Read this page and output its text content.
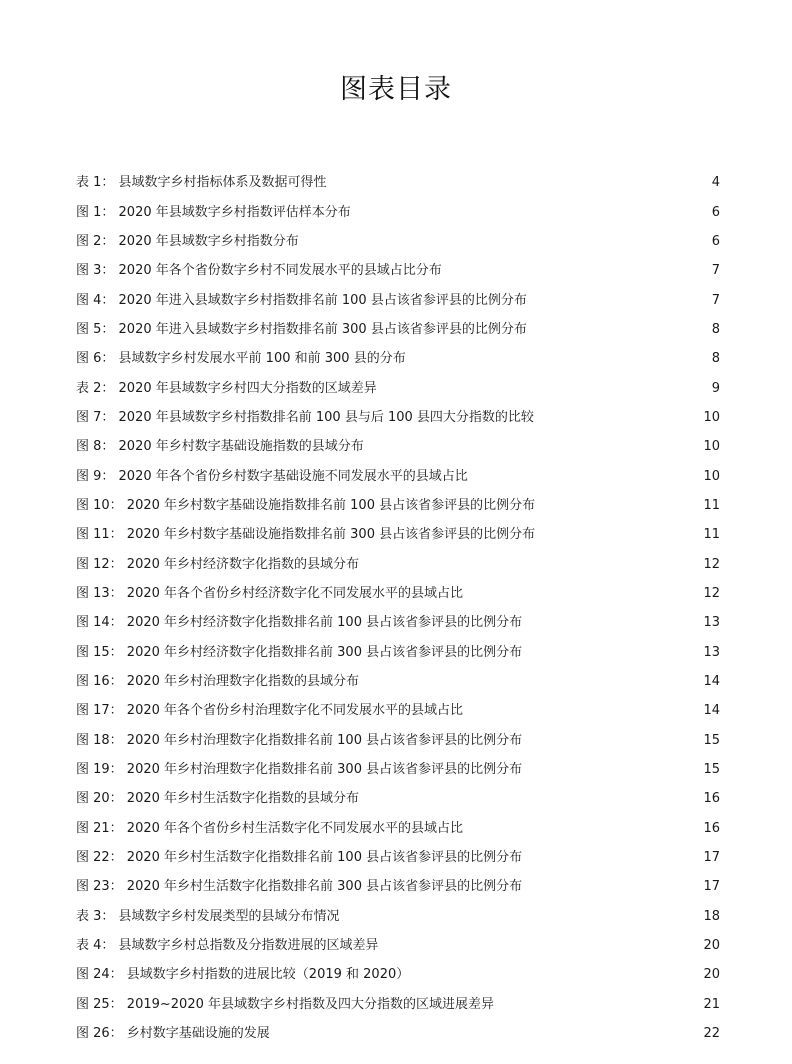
图表目录
表 1： 县域数字乡村指标体系及数据可得性	4
图 1： 2020 年县域数字乡村指数评估样本分布	6
图 2： 2020 年县域数字乡村指数分布	6
图 3： 2020 年各个省份数字乡村不同发展水平的县域占比分布	7
图 4： 2020 年进入县域数字乡村指数排名前 100 县占该省参评县的比例分布	7
图 5： 2020 年进入县域数字乡村指数排名前 300 县占该省参评县的比例分布	8
图 6： 县域数字乡村发展水平前 100 和前 300 县的分布	8
表 2： 2020 年县域数字乡村四大分指数的区域差异	9
图 7： 2020 年县域数字乡村指数排名前 100 县与后 100 县四大分指数的比较	10
图 8： 2020 年乡村数字基础设施指数的县域分布	10
图 9： 2020 年各个省份乡村数字基础设施不同发展水平的县域占比	10
图 10： 2020 年乡村数字基础设施指数排名前 100 县占该省参评县的比例分布	11
图 11： 2020 年乡村数字基础设施指数排名前 300 县占该省参评县的比例分布	11
图 12： 2020 年乡村经济数字化指数的县域分布	12
图 13： 2020 年各个省份乡村经济数字化不同发展水平的县域占比	12
图 14： 2020 年乡村经济数字化指数排名前 100 县占该省参评县的比例分布	13
图 15： 2020 年乡村经济数字化指数排名前 300 县占该省参评县的比例分布	13
图 16： 2020 年乡村治理数字化指数的县域分布	14
图 17： 2020 年各个省份乡村治理数字化不同发展水平的县域占比	14
图 18： 2020 年乡村治理数字化指数排名前 100 县占该省参评县的比例分布	15
图 19： 2020 年乡村治理数字化指数排名前 300 县占该省参评县的比例分布	15
图 20： 2020 年乡村生活数字化指数的县域分布	16
图 21： 2020 年各个省份乡村生活数字化不同发展水平的县域占比	16
图 22： 2020 年乡村生活数字化指数排名前 100 县占该省参评县的比例分布	17
图 23： 2020 年乡村生活数字化指数排名前 300 县占该省参评县的比例分布	17
表 3： 县域数字乡村发展类型的县域分布情况	18
表 4： 县域数字乡村总指数及分指数进展的区域差异	20
图 24： 县域数字乡村指数的进展比较（2019 和 2020）	20
图 25： 2019~2020 年县域数字乡村指数及四大分指数的区域进展差异	21
图 26： 乡村数字基础设施的发展	22
